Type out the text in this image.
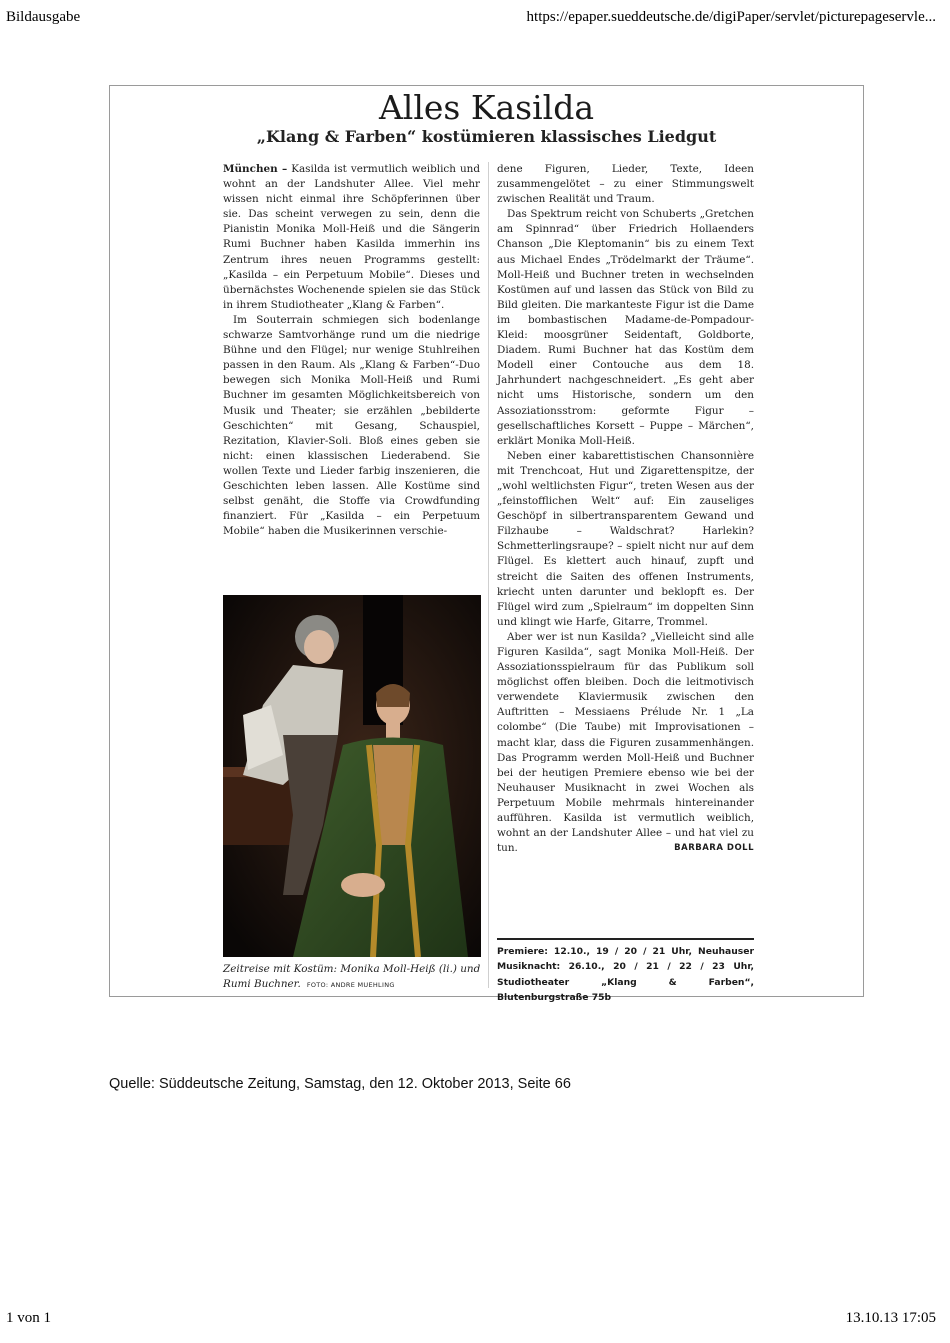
Bildausgabe	https://epaper.sueddeutsche.de/digiPaper/servlet/picturepageservle...
Alles Kasilda
„Klang & Farben“ kostümieren klassisches Liedgut

München – Kasilda ist vermutlich weiblich und wohnt an der Landshuter Allee. Viel mehr wissen nicht einmal ihre Schöpferinnen über sie. Das scheint verwegen zu sein, denn die Pianistin Monika Moll-Heiß und die Sängerin Rumi Buchner haben Kasilda immerhin ins Zentrum ihres neuen Programms gestellt: „Kasilda – ein Perpetuum Mobile“. Dieses und übernächstes Wochenende spielen sie das Stück in ihrem Studiotheater „Klang & Farben“.

Im Souterrain schmiegen sich bodenlange schwarze Samtvorhänge rund um die niedrige Bühne und den Flügel; nur wenige Stuhlreihen passen in den Raum. Als „Klang & Farben“-Duo bewegen sich Monika Moll-Heiß und Rumi Buchner im gesamten Möglichkeitsbereich von Musik und Theater; sie erzählen „bebilderte Geschichten“ mit Gesang, Schauspiel, Rezitation, Klavier-Soli. Bloß eines geben sie nicht: einen klassischen Liederabend. Sie wollen Texte und Lieder farbig inszenieren, die Geschichten leben lassen. Alle Kostüme sind selbst genäht, die Stoffe via Crowdfunding finanziert. Für „Kasilda – ein Perpetuum Mobile“ haben die Musikerinnen verschie-

dene Figuren, Lieder, Texte, Ideen zusammengelötet – zu einer Stimmungswelt zwischen Realität und Traum.

Das Spektrum reicht von Schuberts „Gretchen am Spinnrad“ über Friedrich Hollaenders Chanson „Die Kleptomanin“ bis zu einem Text aus Michael Endes „Trödelmarkt der Träume“. Moll-Heiß und Buchner treten in wechselnden Kostümen auf und lassen das Stück von Bild zu Bild gleiten. Die markanteste Figur ist die Dame im bombastischen Madame-de-Pompadour-Kleid: moosgrüner Seidentaft, Goldborte, Diadem. Rumi Buchner hat das Kostüm dem Modell einer Contouche aus dem 18. Jahrhundert nachgeschneidert. „Es geht aber nicht ums Historische, sondern um den Assoziationsstrom: geformte Figur – gesellschaftliches Korsett – Puppe – Märchen“, erklärt Monika Moll-Heiß.

Neben einer kabarettistischen Chansonnière mit Trenchcoat, Hut und Zigarettenspitze, der „wohl weltlichsten Figur“, treten Wesen aus der „feinstofflichen Welt“ auf: Ein zauseliges Geschöpf in silbertransparentem Gewand und Filzhaube – Waldschrat? Harlekin? Schmetterlingsraupe? – spielt nicht nur auf dem Flügel. Es klettert auch hinauf, zupft und streicht die Saiten des offenen Instruments, kriecht unten darunter und beklopft es. Der Flügel wird zum „Spielraum“ im doppelten Sinn und klingt wie Harfe, Gitarre, Trommel.

Aber wer ist nun Kasilda? „Vielleicht sind alle Figuren Kasilda“, sagt Monika Moll-Heiß. Der Assoziationsspielraum für das Publikum soll möglichst offen bleiben. Doch die leitmotivisch verwendete Klaviermusik zwischen den Auftritten – Messiaens Prélude Nr. 1 „La colombe“ (Die Taube) mit Improvisationen – macht klar, dass die Figuren zusammenhängen. Das Programm werden Moll-Heiß und Buchner bei der heutigen Premiere ebenso wie bei der Neuhauser Musiknacht in zwei Wochen als Perpetuum Mobile mehrmals hintereinander aufführen. Kasilda ist vermutlich weiblich, wohnt an der Landshuter Allee – und hat viel zu tun.	BARBARA DOLL

Zeitreise mit Kostüm: Monika Moll-Heiß (li.) und Rumi Buchner. FOTO: ANDRE MUEHLING
Premiere: 12.10., 19 / 20 / 21 Uhr, Neuhauser Musiknacht: 26.10., 20 / 21 / 22 / 23 Uhr, Studiotheater „Klang & Farben“, Blutenburgstraße 75b
Quelle: Süddeutsche Zeitung, Samstag, den 12. Oktober 2013, Seite 66
1 von 1	13.10.13 17:05
